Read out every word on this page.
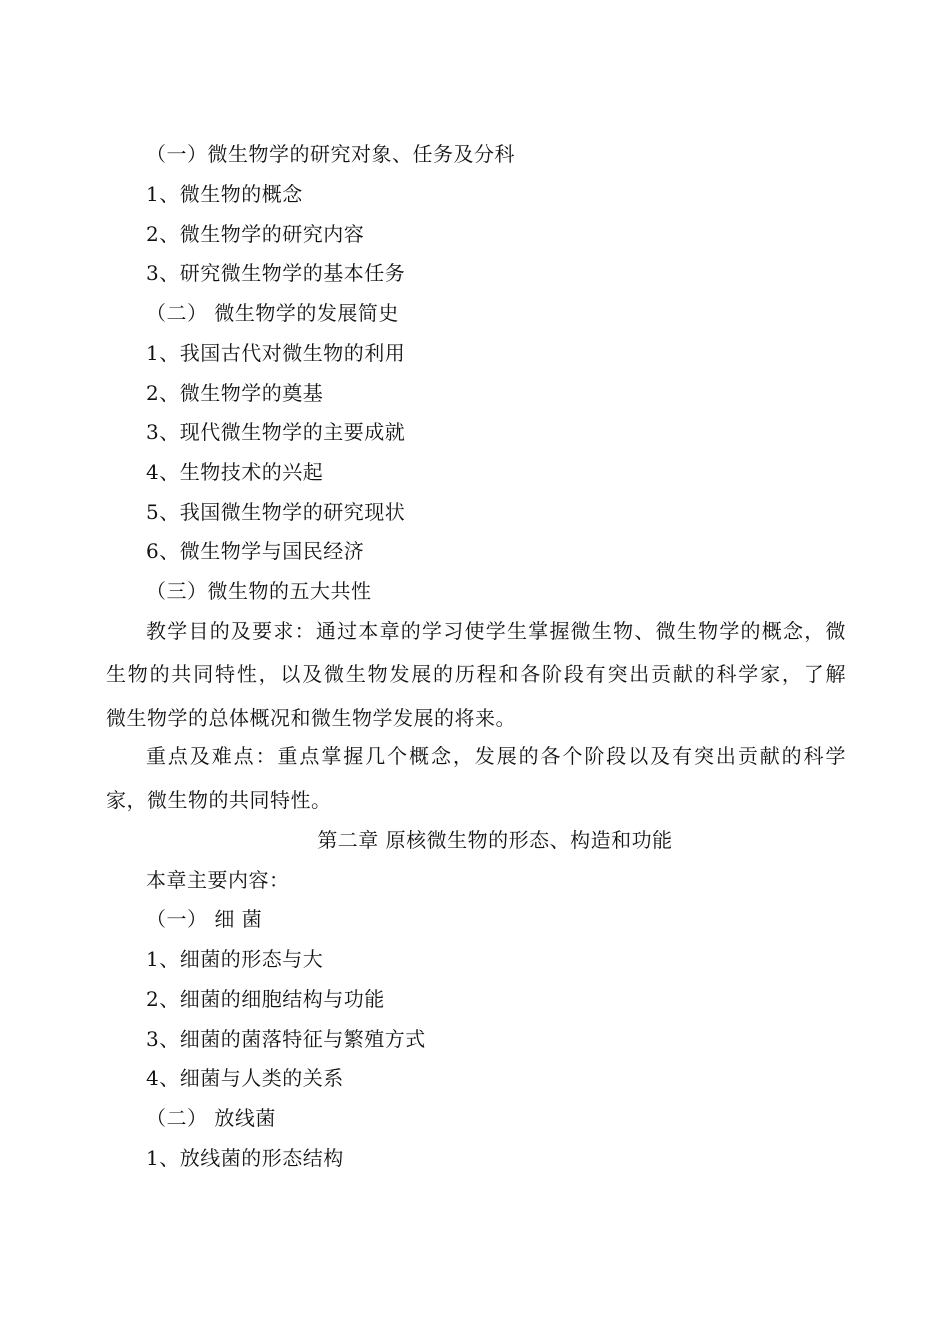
（一）微生物学的研究对象、任务及分科
1、微生物的概念
2、微生物学的研究内容
3、研究微生物学的基本任务
（二） 微生物学的发展简史
1、我国古代对微生物的利用
2、微生物学的奠基
3、现代微生物学的主要成就
4、生物技术的兴起
5、我国微生物学的研究现状
6、微生物学与国民经济
（三）微生物的五大共性
教学目的及要求：通过本章的学习使学生掌握微生物、微生物学的概念，微
生物的共同特性，以及微生物发展的历程和各阶段有突出贡献的科学家，了解
微生物学的总体概况和微生物学发展的将来。
重点及难点：重点掌握几个概念，发展的各个阶段以及有突出贡献的科学
家，微生物的共同特性。
第二章 原核微生物的形态、构造和功能
本章主要内容：
（一） 细 菌
1、细菌的形态与大
2、细菌的细胞结构与功能
3、细菌的菌落特征与繁殖方式
4、细菌与人类的关系
（二） 放线菌
1、放线菌的形态结构
